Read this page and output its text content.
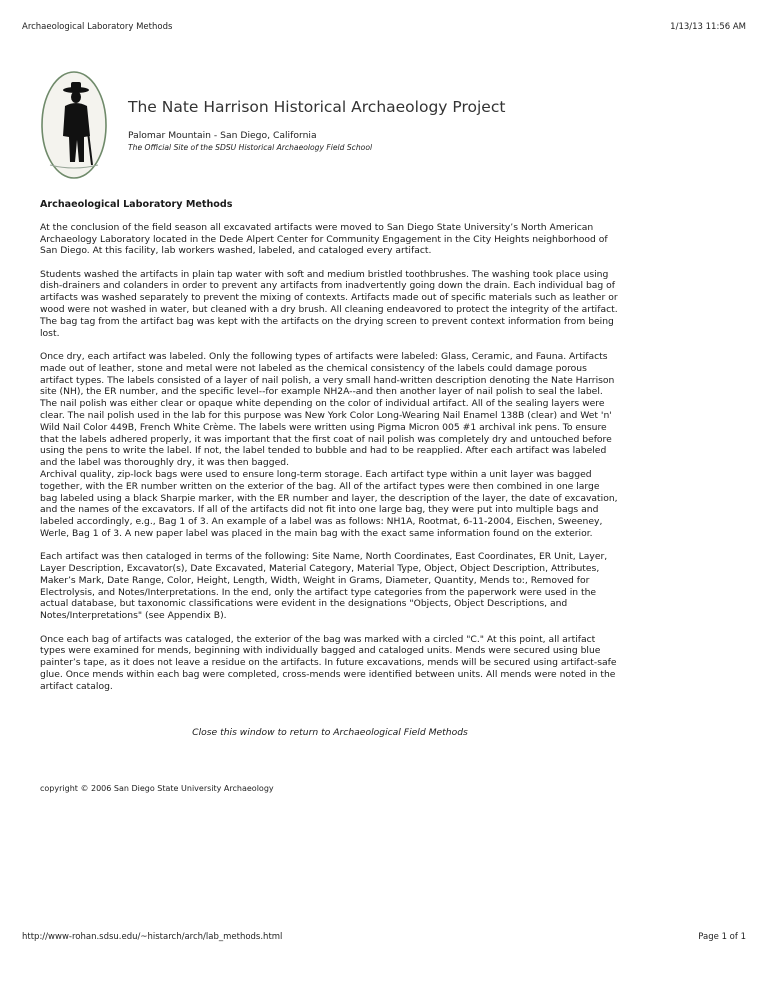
Archaeological Laboratory Methods	1/13/13 11:56 AM
The Nate Harrison Historical Archaeology Project
Palomar Mountain - San Diego, California
The Official Site of the SDSU Historical Archaeology Field School
Archaeological Laboratory Methods

At the conclusion of the field season all excavated artifacts were moved to San Diego State University’s North American Archaeology Laboratory located in the Dede Alpert Center for Community Engagement in the City Heights neighborhood of San Diego. At this facility, lab workers washed, labeled, and cataloged every artifact.

Students washed the artifacts in plain tap water with soft and medium bristled toothbrushes. The washing took place using dish-drainers and colanders in order to prevent any artifacts from inadvertently going down the drain. Each individual bag of artifacts was washed separately to prevent the mixing of contexts. Artifacts made out of specific materials such as leather or wood were not washed in water, but cleaned with a dry brush. All cleaning endeavored to protect the integrity of the artifact. The bag tag from the artifact bag was kept with the artifacts on the drying screen to prevent context information from being lost.

Once dry, each artifact was labeled. Only the following types of artifacts were labeled: Glass, Ceramic, and Fauna. Artifacts made out of leather, stone and metal were not labeled as the chemical consistency of the labels could damage porous artifact types. The labels consisted of a layer of nail polish, a very small hand-written description denoting the Nate Harrison site (NH), the ER number, and the specific level--for example NH2A--and then another layer of nail polish to seal the label. The nail polish was either clear or opaque white depending on the color of individual artifact. All of the sealing layers were clear. The nail polish used in the lab for this purpose was New York Color Long-Wearing Nail Enamel 138B (clear) and Wet 'n' Wild Nail Color 449B, French White Crème. The labels were written using Pigma Micron 005 #1 archival ink pens. To ensure that the labels adhered properly, it was important that the first coat of nail polish was completely dry and untouched before using the pens to write the label. If not, the label tended to bubble and had to be reapplied. After each artifact was labeled and the label was thoroughly dry, it was then bagged.

Archival quality, zip-lock bags were used to ensure long-term storage. Each artifact type within a unit layer was bagged together, with the ER number written on the exterior of the bag. All of the artifact types were then combined in one large bag labeled using a black Sharpie marker, with the ER number and layer, the description of the layer, the date of excavation, and the names of the excavators. If all of the artifacts did not fit into one large bag, they were put into multiple bags and labeled accordingly, e.g., Bag 1 of 3. An example of a label was as follows: NH1A, Rootmat, 6-11-2004, Eischen, Sweeney, Werle, Bag 1 of 3. A new paper label was placed in the main bag with the exact same information found on the exterior.

Each artifact was then cataloged in terms of the following: Site Name, North Coordinates, East Coordinates, ER Unit, Layer, Layer Description, Excavator(s), Date Excavated, Material Category, Material Type, Object, Object Description, Attributes, Maker’s Mark, Date Range, Color, Height, Length, Width, Weight in Grams, Diameter, Quantity, Mends to:, Removed for Electrolysis, and Notes/Interpretations. In the end, only the artifact type categories from the paperwork were used in the actual database, but taxonomic classifications were evident in the designations "Objects, Object Descriptions, and Notes/Interpretations" (see Appendix B).

Once each bag of artifacts was cataloged, the exterior of the bag was marked with a circled "C." At this point, all artifact types were examined for mends, beginning with individually bagged and cataloged units. Mends were secured using blue painter’s tape, as it does not leave a residue on the artifacts. In future excavations, mends will be secured using artifact-safe glue. Once mends within each bag were completed, cross-mends were identified between units. All mends were noted in the artifact catalog.

Close this window to return to Archaeological Field Methods
copyright © 2006 San Diego State University Archaeology
http://www-rohan.sdsu.edu/~histarch/arch/lab_methods.html	Page 1 of 1
